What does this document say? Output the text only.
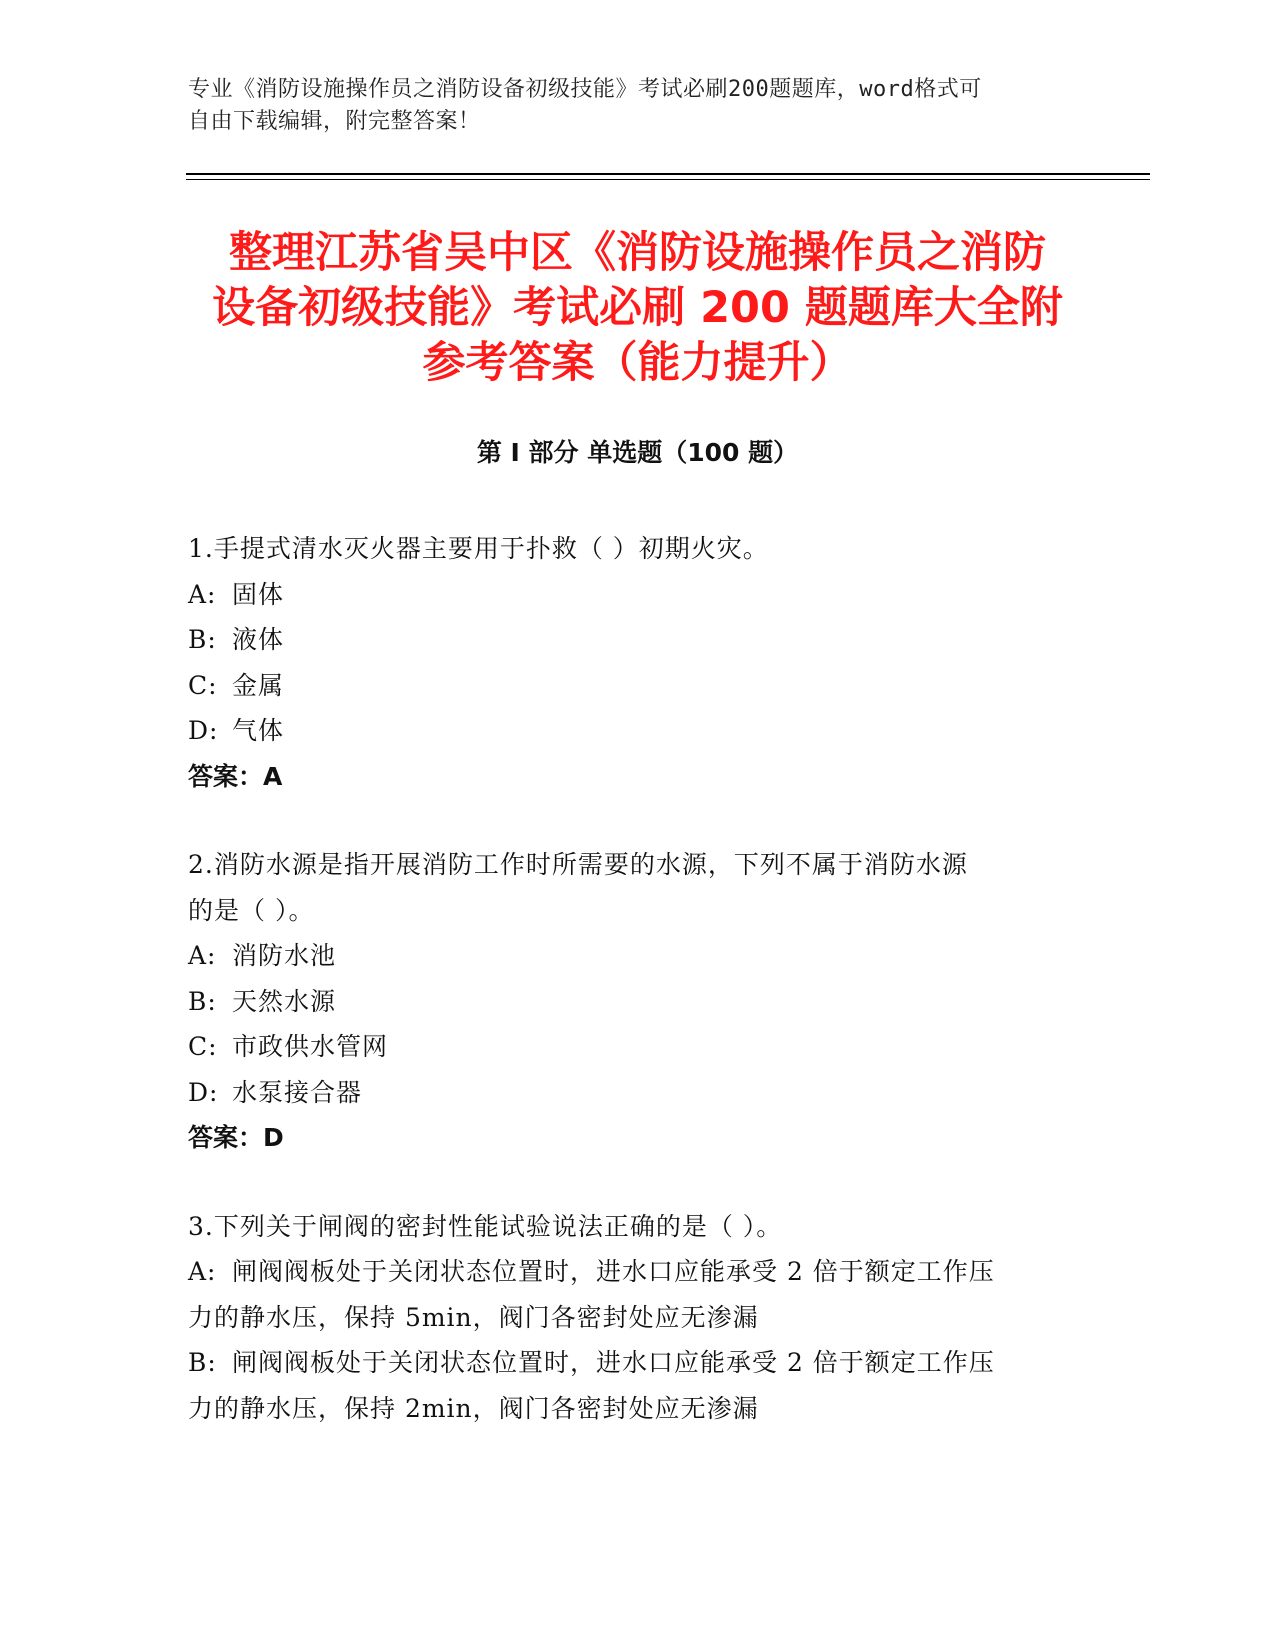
专业《消防设施操作员之消防设备初级技能》考试必刷200题题库，word格式可
自由下载编辑，附完整答案！
整理江苏省吴中区《消防设施操作员之消防
设备初级技能》考试必刷 200 题题库大全附
参考答案（能力提升）
第 I 部分 单选题（100 题）
1.手提式清水灭火器主要用于扑救（ ）初期火灾。
A: 固体
B: 液体
C: 金属
D: 气体
答案：A
2.消防水源是指开展消防工作时所需要的水源，下列不属于消防水源
的是（ ）。
A: 消防水池
B: 天然水源
C: 市政供水管网
D: 水泵接合器
答案：D
3.下列关于闸阀的密封性能试验说法正确的是（ ）。
A: 闸阀阀板处于关闭状态位置时，进水口应能承受 2 倍于额定工作压
力的静水压，保持 5min，阀门各密封处应无渗漏
B: 闸阀阀板处于关闭状态位置时，进水口应能承受 2 倍于额定工作压
力的静水压，保持 2min，阀门各密封处应无渗漏
